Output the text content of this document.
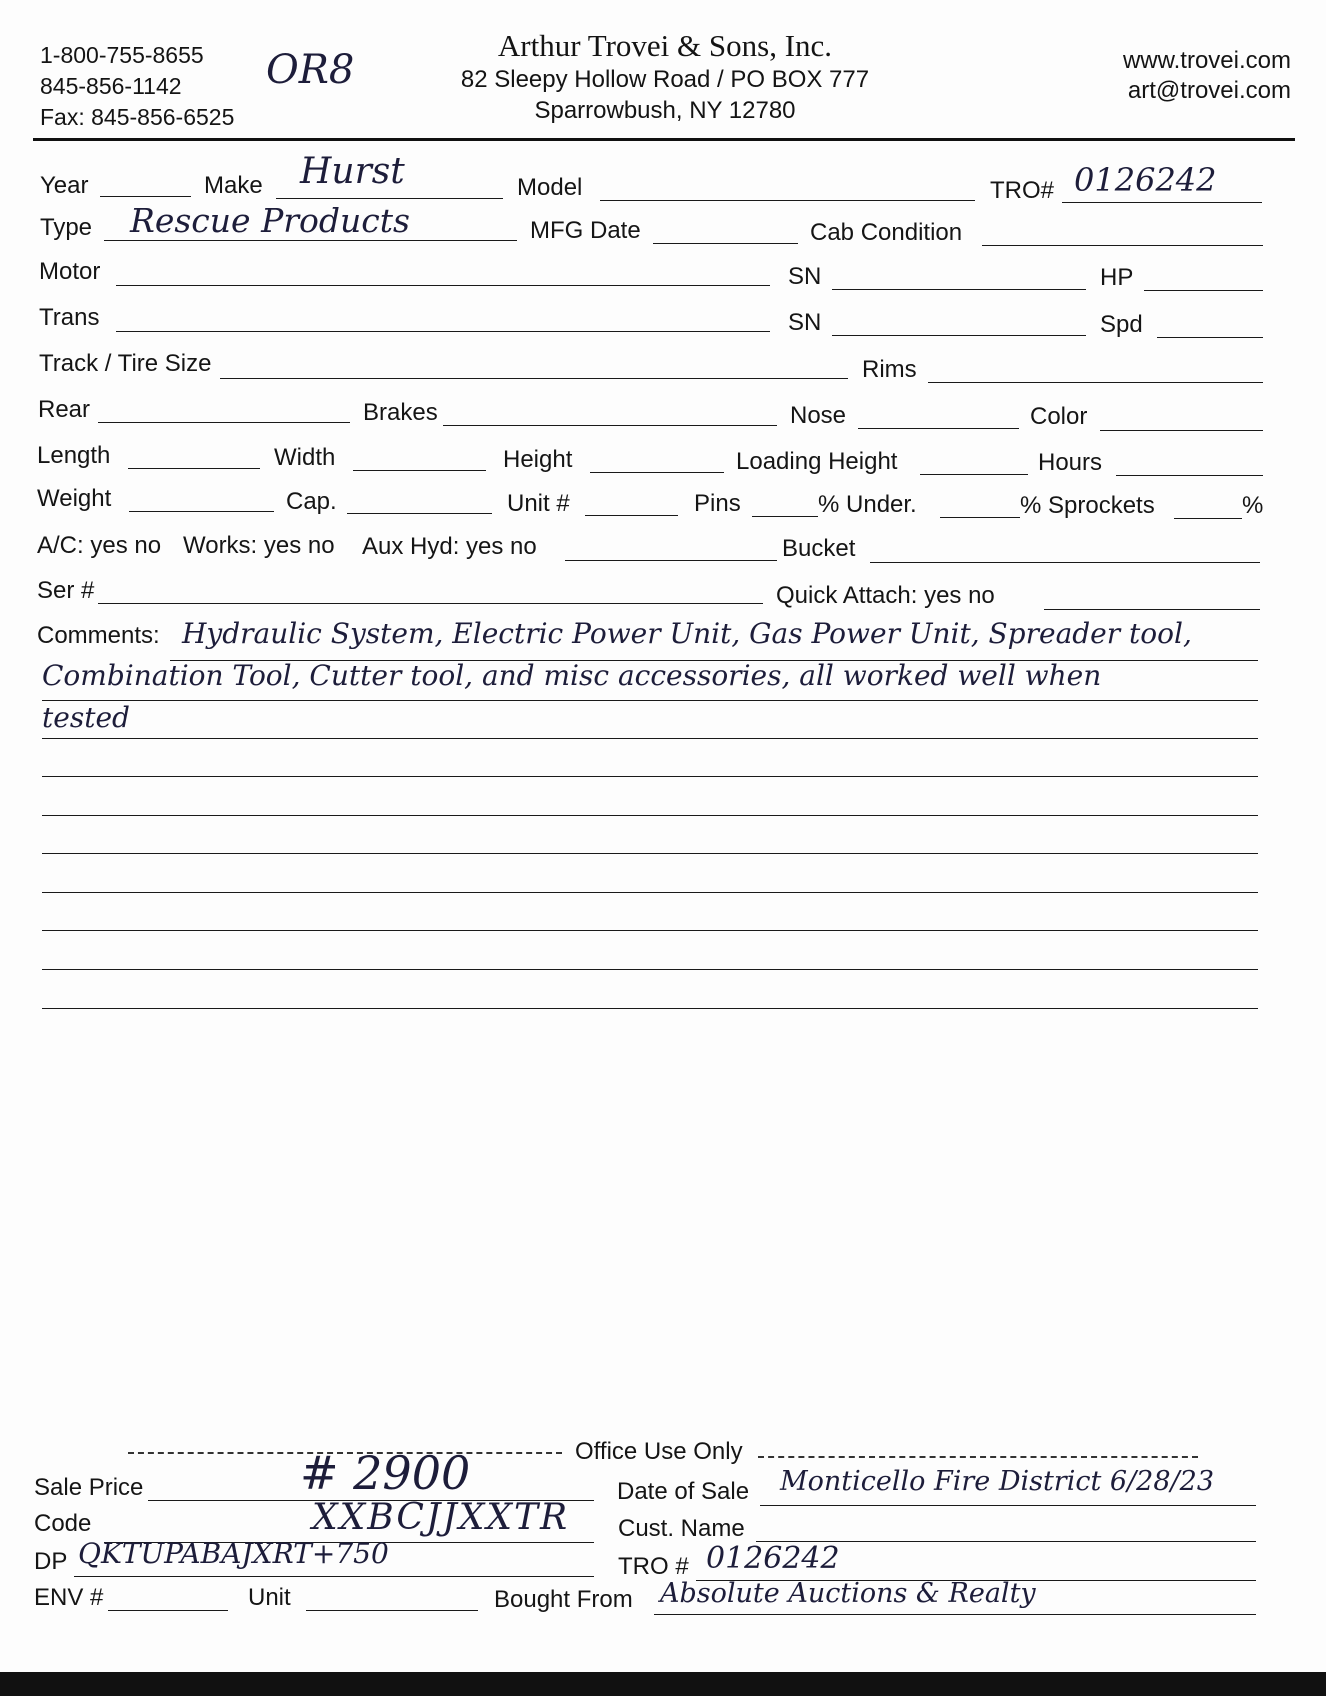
1-800-755-8655
845-856-1142
Fax: 845-856-6525
OR8
Arthur Trovei & Sons, Inc.
82 Sleepy Hollow Road / PO BOX 777
Sparrowbush, NY 12780
www.trovei.com
art@trovei.com
Year	Make Hurst	Model	TRO# 0126242
Type Rescue Products	MFG Date	Cab Condition
Motor	SN	HP
Trans	SN	Spd
Track / Tire Size	Rims
Rear	Brakes	Nose	Color
Length	Width	Height	Loading Height	Hours
Weight	Cap.	Unit #	Pins	% Under.	% Sprockets	%
A/C: yes no Works: yes no Aux Hyd: yes no	Bucket
Ser #	Quick Attach: yes no
Comments: Hydraulic System, Electric Power Unit, Gas Power Unit, Spreader tool,
Combination Tool, Cutter tool, and misc accessories, all worked well when
tested
Office Use Only
Sale Price	# 2900	Date of Sale Monticello Fire District 6/28/23
Code	XXBCJJXXTR Cust. Name
DP QKTUPABAJXRT+750	TRO # 0126242
ENV #	Unit	Bought From Absolute Auctions & Realty
